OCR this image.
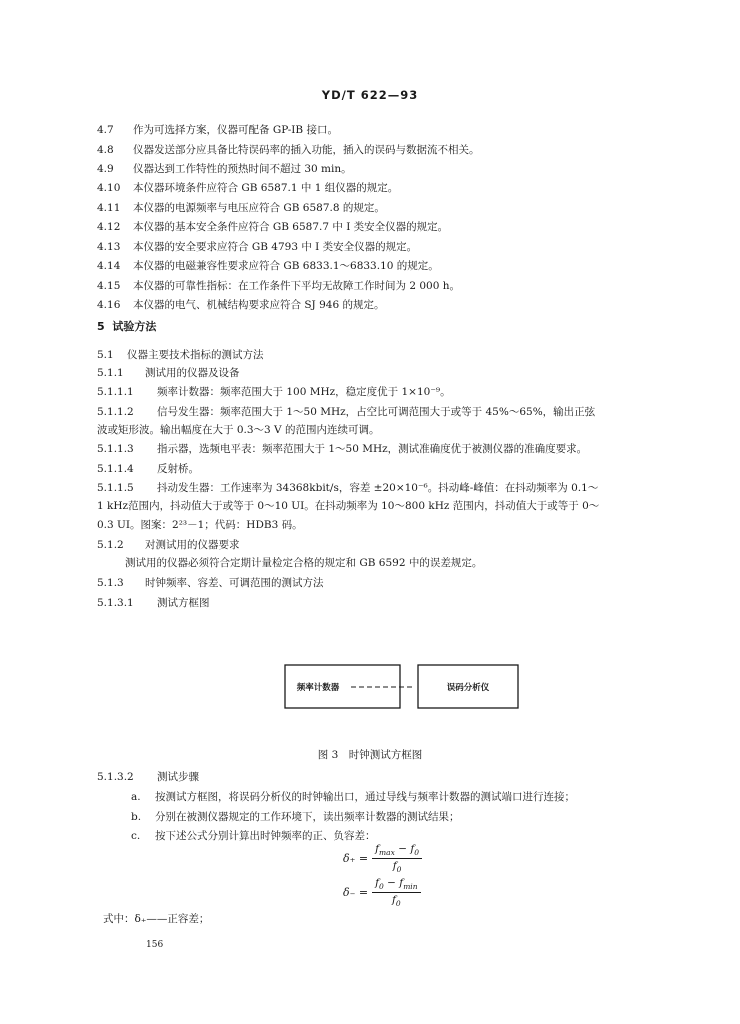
YD/T 622—93
4.7 作为可选择方案，仪器可配备 GP-IB 接口。
4.8 仪器发送部分应具备比特误码率的插入功能，插入的误码与数据流不相关。
4.9 仪器达到工作特性的预热时间不超过 30 min。
4.10 本仪器环境条件应符合 GB 6587.1 中 1 组仪器的规定。
4.11 本仪器的电源频率与电压应符合 GB 6587.8 的规定。
4.12 本仪器的基本安全条件应符合 GB 6587.7 中 I 类安全仪器的规定。
4.13 本仪器的安全要求应符合 GB 4793 中 I 类安全仪器的规定。
4.14 本仪器的电磁兼容性要求应符合 GB 6833.1～6833.10 的规定。
4.15 本仪器的可靠性指标：在工作条件下平均无故障工作时间为 2 000 h。
4.16 本仪器的电气、机械结构要求应符合 SJ 946 的规定。
5 试验方法
5.1 仪器主要技术指标的测试方法
5.1.1 测试用的仪器及设备
5.1.1.1 频率计数器：频率范围大于 100 MHz，稳定度优于 1×10⁻⁹。
5.1.1.2 信号发生器：频率范围大于 1～50 MHz，占空比可调范围大于或等于 45%～65%，输出正弦
波或矩形波。输出幅度在大于 0.3～3 V 的范围内连续可调。
5.1.1.3 指示器，选频电平表：频率范围大于 1～50 MHz，测试准确度优于被测仪器的准确度要求。
5.1.1.4 反射桥。
5.1.1.5 抖动发生器：工作速率为 34368kbit/s，容差 ±20×10⁻⁶。抖动峰-峰值：在抖动频率为 0.1～
1 kHz范围内，抖动值大于或等于 0～10 UI。在抖动频率为 10～800 kHz 范围内，抖动值大于或等于 0～
0.3 UI。图案：2²³－1；代码：HDB3 码。
5.1.2 对测试用的仪器要求
测试用的仪器必须符合定期计量检定合格的规定和 GB 6592 中的误差规定。
5.1.3 时钟频率、容差、可调范围的测试方法
5.1.3.1 测试方框图
频率计数器	误码分析仪
图 3　时钟测试方框图
5.1.3.2 测试步骤
a. 按测试方框图，将误码分析仪的时钟输出口，通过导线与频率计数器的测试端口进行连接；
b. 分别在被测仪器规定的工作环境下，读出频率计数器的测试结果；
c. 按下述公式分别计算出时钟频率的正、负容差：
$\delta_+ = \frac{f_{max} - f_0}{f_0}$
$\delta_- = \frac{f_0 - f_{min}}{f_0}$
式中：δ₊——正容差；
156
